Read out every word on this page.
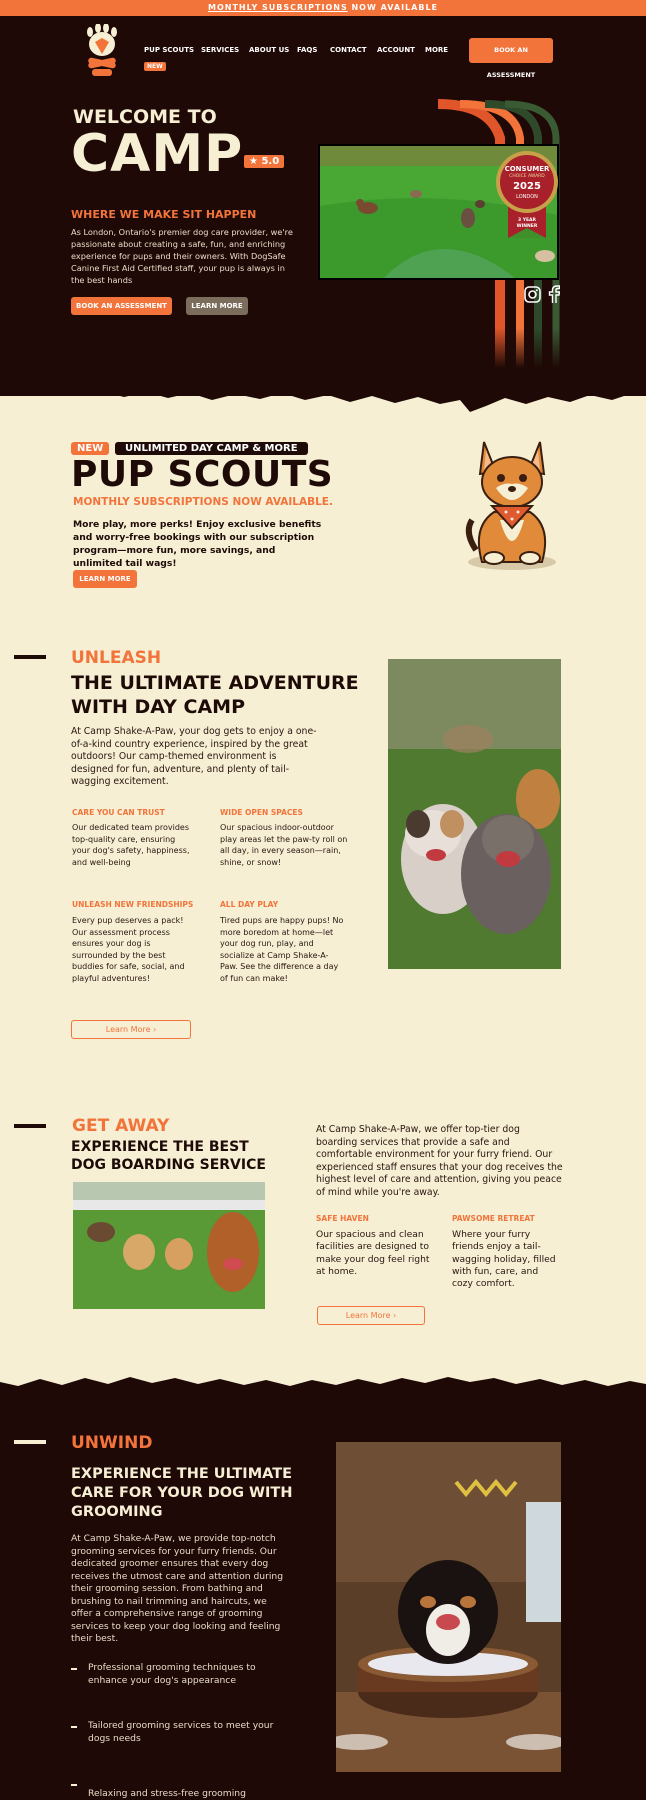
MONTHLY SUBSCRIPTIONS NOW AVAILABLE
PUP SCOUTS
NEW
SERVICES ABOUT US FAQS CONTACT ACCOUNT MORE	BOOK AN ASSESSMENT
WELCOME TO
CAMP ★ 5.0
WHERE WE MAKE SIT HAPPEN
As London, Ontario's premier dog care provider, we're passionate about creating a safe, fun, and enriching experience for pups and their owners. With DogSafe Canine First Aid Certified staff, your pup is always in the best hands
BOOK AN ASSESSMENT	LEARN MORE
CONSUMER
CHOICE AWARD
2025
LONDON
3 YEAR WINNER
NEW	UNLIMITED DAY CAMP & MORE
PUP SCOUTS
MONTHLY SUBSCRIPTIONS NOW AVAILABLE.
More play, more perks! Enjoy exclusive benefits and worry-free bookings with our subscription program—more fun, more savings, and unlimited tail wags!
LEARN MORE
UNLEASH
THE ULTIMATE ADVENTURE
WITH DAY CAMP
At Camp Shake-A-Paw, your dog gets to enjoy a one-of-a-kind country experience, inspired by the great outdoors! Our camp-themed environment is designed for fun, adventure, and plenty of tail-wagging excitement.
CARE YOU CAN TRUST
Our dedicated team provides top-quality care, ensuring your dog's safety, happiness, and well-being
WIDE OPEN SPACES
Our spacious indoor-outdoor play areas let the paw-ty roll on all day, in every season—rain, shine, or snow!
UNLEASH NEW FRIENDSHIPS
Every pup deserves a pack! Our assessment process ensures your dog is surrounded by the best buddies for safe, social, and playful adventures!
ALL DAY PLAY
Tired pups are happy pups! No more boredom at home—let your dog run, play, and socialize at Camp Shake-A-Paw. See the difference a day of fun can make!
Learn More ›
GET AWAY
EXPERIENCE THE BEST
DOG BOARDING SERVICE
At Camp Shake-A-Paw, we offer top-tier dog boarding services that provide a safe and comfortable environment for your furry friend. Our experienced staff ensures that your dog receives the highest level of care and attention, giving you peace of mind while you're away.
SAFE HAVEN
Our spacious and clean facilities are designed to make your dog feel right at home.
PAWSOME RETREAT
Where your furry friends enjoy a tail-wagging holiday, filled with fun, care, and cozy comfort.
Learn More ›
UNWIND
EXPERIENCE THE ULTIMATE
CARE FOR YOUR DOG WITH
GROOMING
At Camp Shake-A-Paw, we provide top-notch grooming services for your furry friends. Our dedicated groomer ensures that every dog receives the utmost care and attention during their grooming session. From bathing and brushing to nail trimming and haircuts, we offer a comprehensive range of grooming services to keep your dog looking and feeling their best.
Professional grooming techniques to enhance your dog's appearance
Tailored grooming services to meet your dogs needs
Relaxing and stress-free grooming
